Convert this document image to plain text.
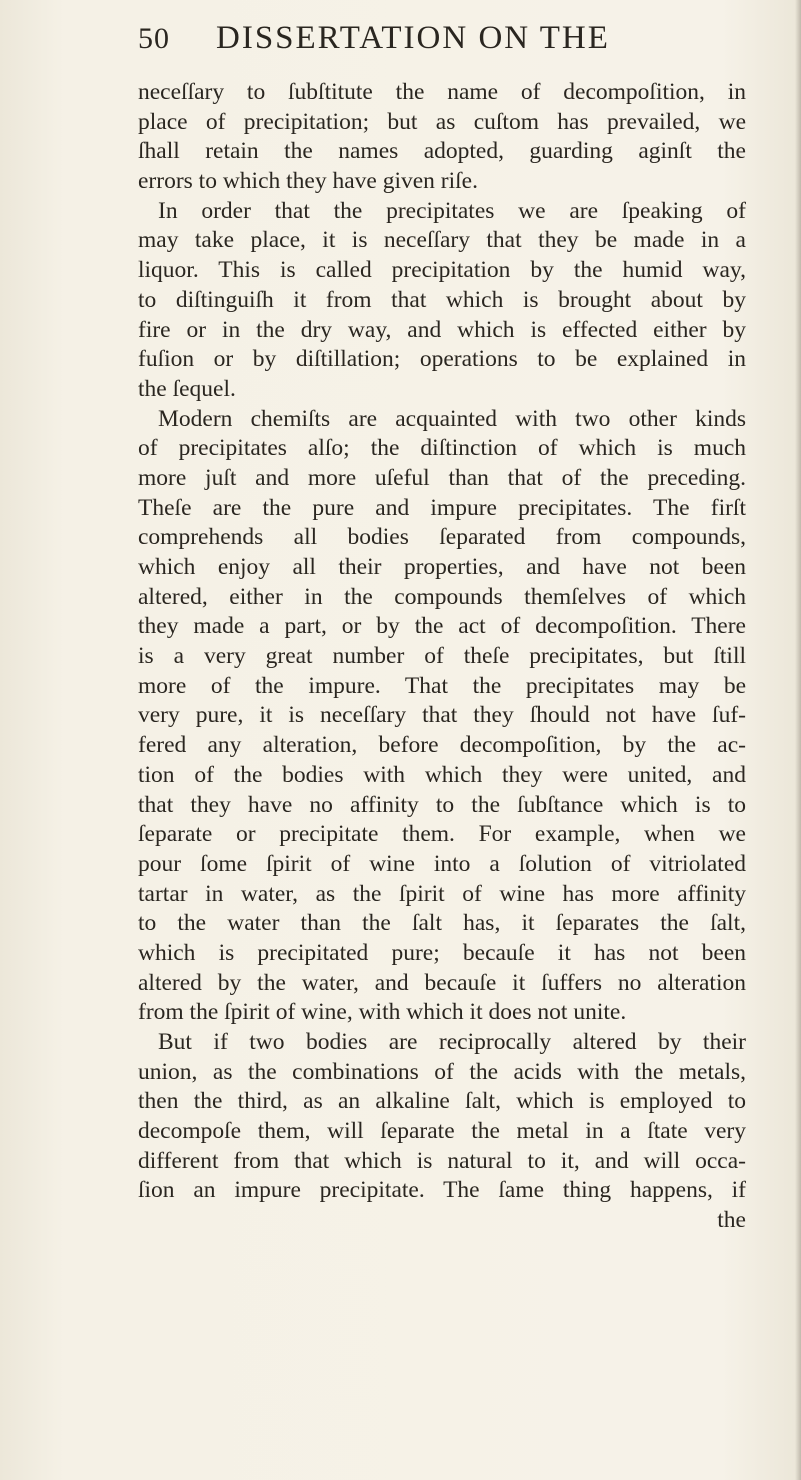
50 DISSERTATION ON THE
neceſſary to ſubſtitute the name of decompoſition, in
place of precipitation; but as cuſtom has prevailed, we
ſhall retain the names adopted, guarding aginſt the
errors to which they have given riſe.
In order that the precipitates we are ſpeaking of
may take place, it is neceſſary that they be made in a
liquor. This is called precipitation by the humid way,
to diſtinguiſh it from that which is brought about by
fire or in the dry way, and which is effected either by
fuſion or by diſtillation; operations to be explained in
the ſequel.
Modern chemiſts are acquainted with two other kinds
of precipitates alſo; the diſtinction of which is much
more juſt and more uſeful than that of the preceding.
Theſe are the pure and impure precipitates. The firſt
comprehends all bodies ſeparated from compounds,
which enjoy all their properties, and have not been
altered, either in the compounds themſelves of which
they made a part, or by the act of decompoſition. There
is a very great number of theſe precipitates, but ſtill
more of the impure. That the precipitates may be
very pure, it is neceſſary that they ſhould not have ſuf-
fered any alteration, before decompoſition, by the ac-
tion of the bodies with which they were united, and
that they have no affinity to the ſubſtance which is to
ſeparate or precipitate them. For example, when we
pour ſome ſpirit of wine into a ſolution of vitriolated
tartar in water, as the ſpirit of wine has more affinity
to the water than the ſalt has, it ſeparates the ſalt,
which is precipitated pure; becauſe it has not been
altered by the water, and becauſe it ſuffers no alteration
from the ſpirit of wine, with which it does not unite.
But if two bodies are reciprocally altered by their
union, as the combinations of the acids with the metals,
then the third, as an alkaline ſalt, which is employed to
decompoſe them, will ſeparate the metal in a ſtate very
different from that which is natural to it, and will occa-
ſion an impure precipitate. The ſame thing happens, if
the
